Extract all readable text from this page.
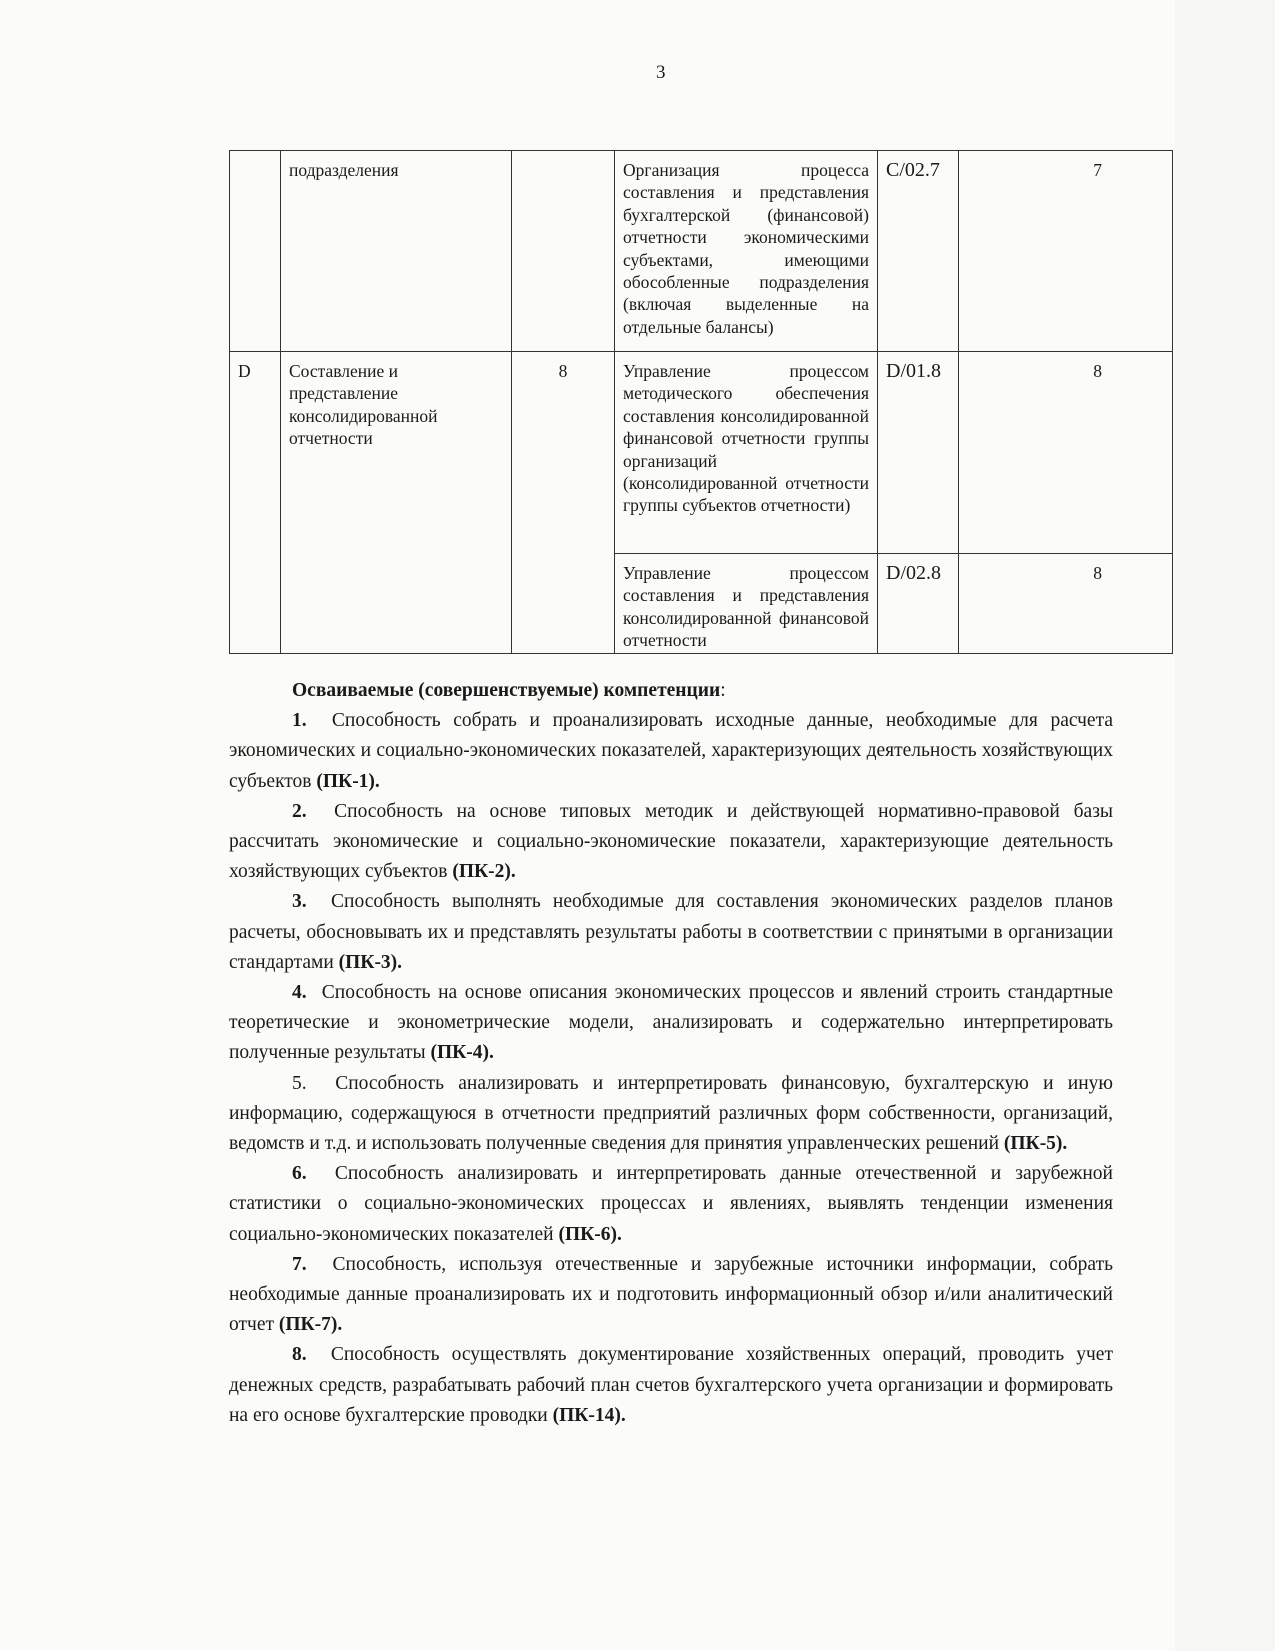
3
	подразделения		Организация процесса составления и представления бухгалтерской (финансовой) отчетности экономическими субъектами, имеющими обособленные подразделения (включая выделенные на отдельные балансы)	C/02.7	7
D	Составление и представление консолидированной отчетности	8	Управление процессом методического обеспечения составления консолидированной финансовой отчетности группы организаций (консолидированной отчетности группы субъектов отчетности)	D/01.8	8
			Управление процессом составления и представления консолидированной финансовой отчетности	D/02.8	8
Осваиваемые (совершенствуемые) компетенции:

1. Способность собрать и проанализировать исходные данные, необходимые для расчета экономических и социально-экономических показателей, характеризующих деятельность хозяйствующих субъектов (ПК-1).

2. Способность на основе типовых методик и действующей нормативно-правовой базы рассчитать экономические и социально-экономические показатели, характеризующие деятельность хозяйствующих субъектов (ПК-2).

3. Способность выполнять необходимые для составления экономических разделов планов расчеты, обосновывать их и представлять результаты работы в соответствии с принятыми в организации стандартами (ПК-3).

4. Способность на основе описания экономических процессов и явлений строить стандартные теоретические и эконометрические модели, анализировать и содержательно интерпретировать полученные результаты (ПК-4).

5. Способность анализировать и интерпретировать финансовую, бухгалтерскую и иную информацию, содержащуюся в отчетности предприятий различных форм собственности, организаций, ведомств и т.д. и использовать полученные сведения для принятия управленческих решений (ПК-5).

6. Способность анализировать и интерпретировать данные отечественной и зарубежной статистики о социально-экономических процессах и явлениях, выявлять тенденции изменения социально-экономических показателей (ПК-6).

7. Способность, используя отечественные и зарубежные источники информации, собрать необходимые данные проанализировать их и подготовить информационный обзор и/или аналитический отчет (ПК-7).

8. Способность осуществлять документирование хозяйственных операций, проводить учет денежных средств, разрабатывать рабочий план счетов бухгалтерского учета организации и формировать на его основе бухгалтерские проводки (ПК-14).
